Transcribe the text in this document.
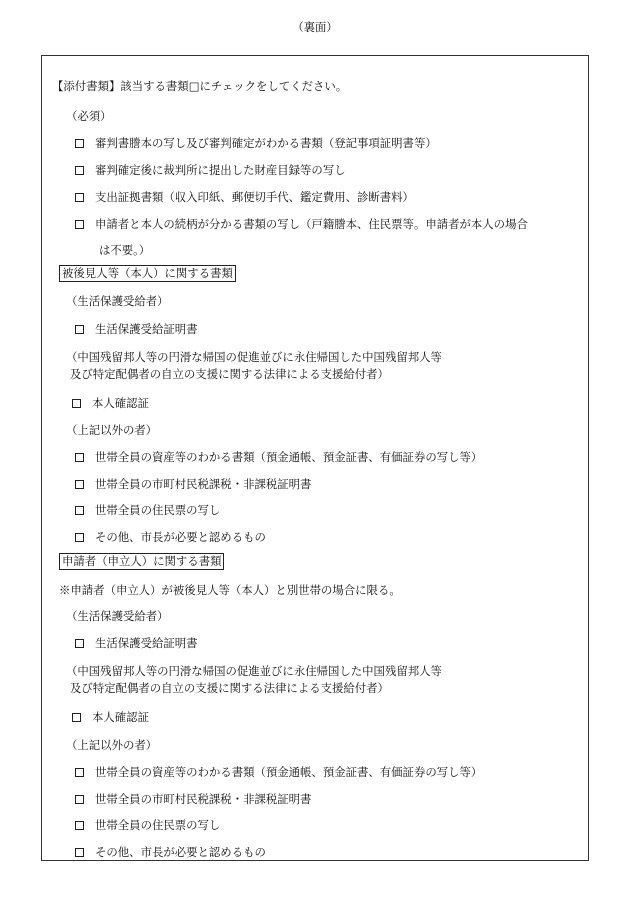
（裏面）
【添付書類】該当する書類□にチェックをしてください。
（必須）
審判書謄本の写し及び審判確定がわかる書類（登記事項証明書等）
審判確定後に裁判所に提出した財産目録等の写し
支出証拠書類（収入印紙、郵便切手代、鑑定費用、診断書料）
申請者と本人の続柄が分かる書類の写し（戸籍謄本、住民票等。申請者が本人の場合
は不要。）
被後見人等（本人）に関する書類
（生活保護受給者）
生活保護受給証明書
（中国残留邦人等の円滑な帰国の促進並びに永住帰国した中国残留邦人等
及び特定配偶者の自立の支援に関する法律による支援給付者）
本人確認証
（上記以外の者）
世帯全員の資産等のわかる書類（預金通帳、預金証書、有価証券の写し等）
世帯全員の市町村民税課税・非課税証明書
世帯全員の住民票の写し
その他、市長が必要と認めるもの
申請者（申立人）に関する書類
※申請者（申立人）が被後見人等（本人）と別世帯の場合に限る。
（生活保護受給者）
生活保護受給証明書
（中国残留邦人等の円滑な帰国の促進並びに永住帰国した中国残留邦人等
及び特定配偶者の自立の支援に関する法律による支援給付者）
本人確認証
（上記以外の者）
世帯全員の資産等のわかる書類（預金通帳、預金証書、有価証券の写し等）
世帯全員の市町村民税課税・非課税証明書
世帯全員の住民票の写し
その他、市長が必要と認めるもの
